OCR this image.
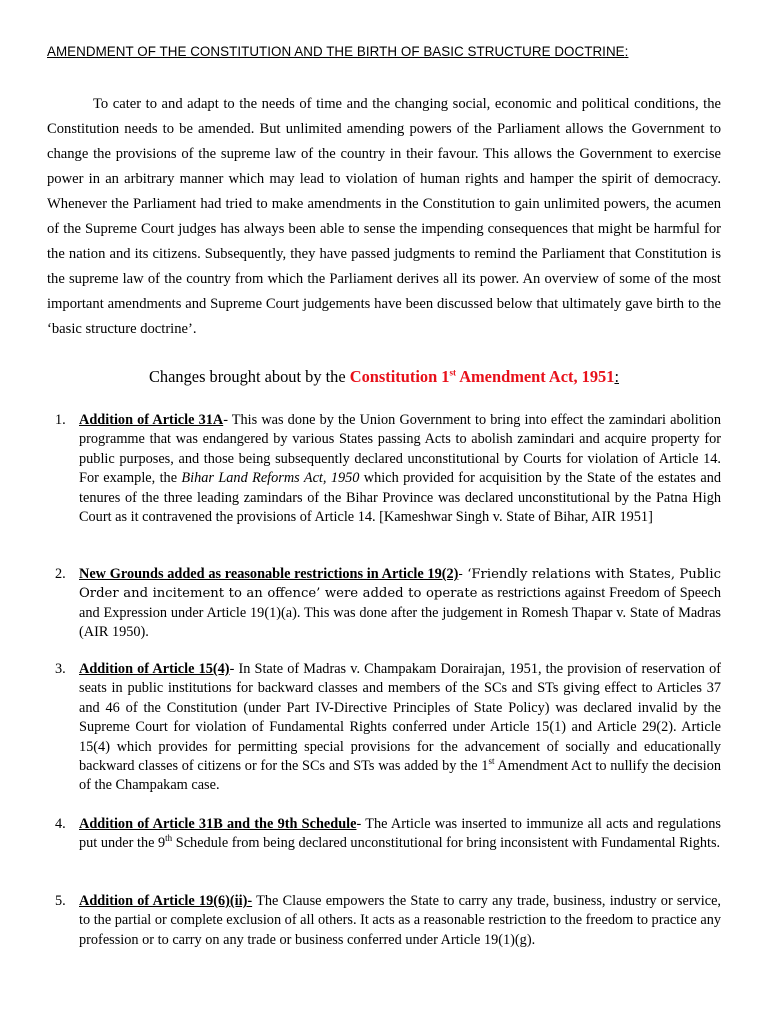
AMENDMENT OF THE CONSTITUTION AND THE BIRTH OF BASIC STRUCTURE DOCTRINE:

To cater to and adapt to the needs of time and the changing social, economic and political conditions, the Constitution needs to be amended. But unlimited amending powers of the Parliament allows the Government to change the provisions of the supreme law of the country in their favour. This allows the Government to exercise power in an arbitrary manner which may lead to violation of human rights and hamper the spirit of democracy. Whenever the Parliament had tried to make amendments in the Constitution to gain unlimited powers, the acumen of the Supreme Court judges has always been able to sense the impending consequences that might be harmful for the nation and its citizens. Subsequently, they have passed judgments to remind the Parliament that Constitution is the supreme law of the country from which the Parliament derives all its power. An overview of some of the most important amendments and Supreme Court judgements have been discussed below that ultimately gave birth to the ‘basic structure doctrine’.

Changes brought about by the Constitution 1st Amendment Act, 1951:
1. Addition of Article 31A- This was done by the Union Government to bring into effect the zamindari abolition programme that was endangered by various States passing Acts to abolish zamindari and acquire property for public purposes, and those being subsequently declared unconstitutional by Courts for violation of Article 14. For example, the Bihar Land Reforms Act, 1950 which provided for acquisition by the State of the estates and tenures of the three leading zamindars of the Bihar Province was declared unconstitutional by the Patna High Court as it contravened the provisions of Article 14. [Kameshwar Singh v. State of Bihar, AIR 1951]
2. New Grounds added as reasonable restrictions in Article 19(2)- ‘Friendly relations with States, Public Order and incitement to an offence’ were added to operate as restrictions against Freedom of Speech and Expression under Article 19(1)(a). This was done after the judgement in Romesh Thapar v. State of Madras (AIR 1950).
3. Addition of Article 15(4)- In State of Madras v. Champakam Dorairajan, 1951, the provision of reservation of seats in public institutions for backward classes and members of the SCs and STs giving effect to Articles 37 and 46 of the Constitution (under Part IV-Directive Principles of State Policy) was declared invalid by the Supreme Court for violation of Fundamental Rights conferred under Article 15(1) and Article 29(2). Article 15(4) which provides for permitting special provisions for the advancement of socially and educationally backward classes of citizens or for the SCs and STs was added by the 1st Amendment Act to nullify the decision of the Champakam case.
4. Addition of Article 31B and the 9th Schedule- The Article was inserted to immunize all acts and regulations put under the 9th Schedule from being declared unconstitutional for bring inconsistent with Fundamental Rights.
5. Addition of Article 19(6)(ii)- The Clause empowers the State to carry any trade, business, industry or service, to the partial or complete exclusion of all others. It acts as a reasonable restriction to the freedom to practice any profession or to carry on any trade or business conferred under Article 19(1)(g).
